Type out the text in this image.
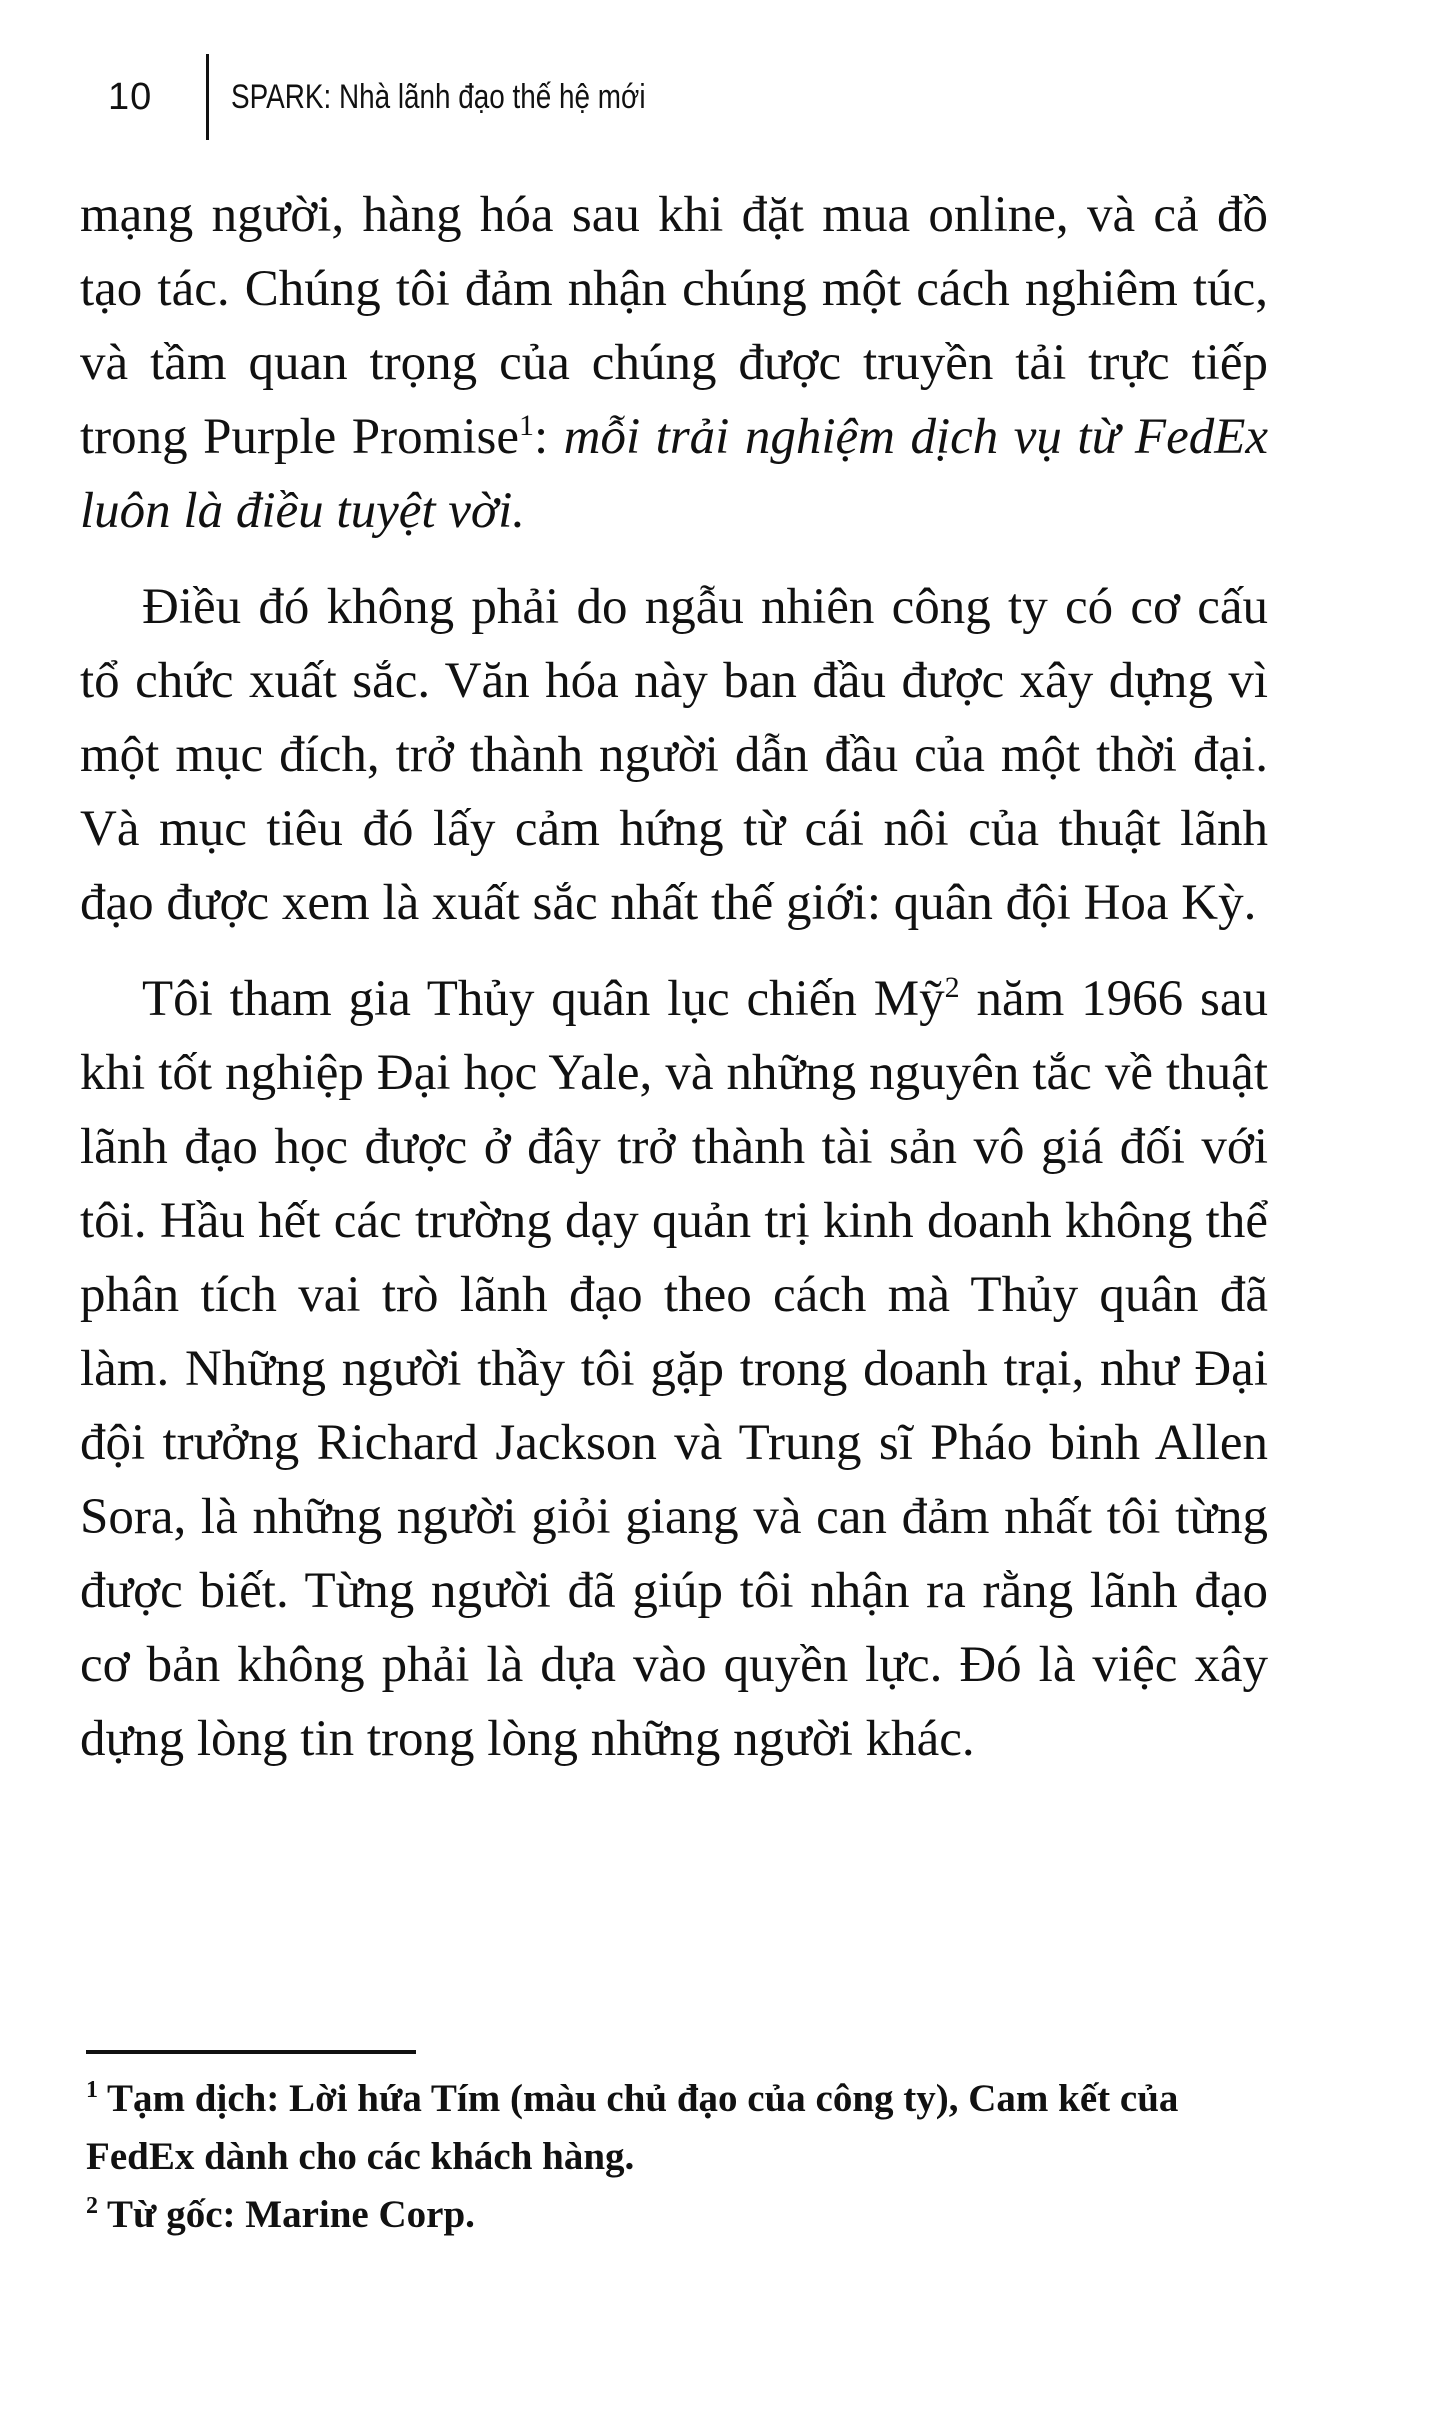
10	SPARK: Nhà lãnh đạo thế hệ mới

mạng người, hàng hóa sau khi đặt mua online, và cả đồ tạo tác. Chúng tôi đảm nhận chúng một cách nghiêm túc, và tầm quan trọng của chúng được truyền tải trực tiếp trong Purple Promise$^1$: mỗi trải nghiệm dịch vụ từ FedEx luôn là điều tuyệt vời.

Điều đó không phải do ngẫu nhiên công ty có cơ cấu tổ chức xuất sắc. Văn hóa này ban đầu được xây dựng vì một mục đích, trở thành người dẫn đầu của một thời đại. Và mục tiêu đó lấy cảm hứng từ cái nôi của thuật lãnh đạo được xem là xuất sắc nhất thế giới: quân đội Hoa Kỳ.

Tôi tham gia Thủy quân lục chiến Mỹ$^2$ năm 1966 sau khi tốt nghiệp Đại học Yale, và những nguyên tắc về thuật lãnh đạo học được ở đây trở thành tài sản vô giá đối với tôi. Hầu hết các trường dạy quản trị kinh doanh không thể phân tích vai trò lãnh đạo theo cách mà Thủy quân đã làm. Những người thầy tôi gặp trong doanh trại, như Đại đội trưởng Richard Jackson và Trung sĩ Pháo binh Allen Sora, là những người giỏi giang và can đảm nhất tôi từng được biết. Từng người đã giúp tôi nhận ra rằng lãnh đạo cơ bản không phải là dựa vào quyền lực. Đó là việc xây dựng lòng tin trong lòng những người khác.

$^1$ Tạm dịch: Lời hứa Tím (màu chủ đạo của công ty), Cam kết của FedEx dành cho các khách hàng.

$^2$ Từ gốc: Marine Corp.
